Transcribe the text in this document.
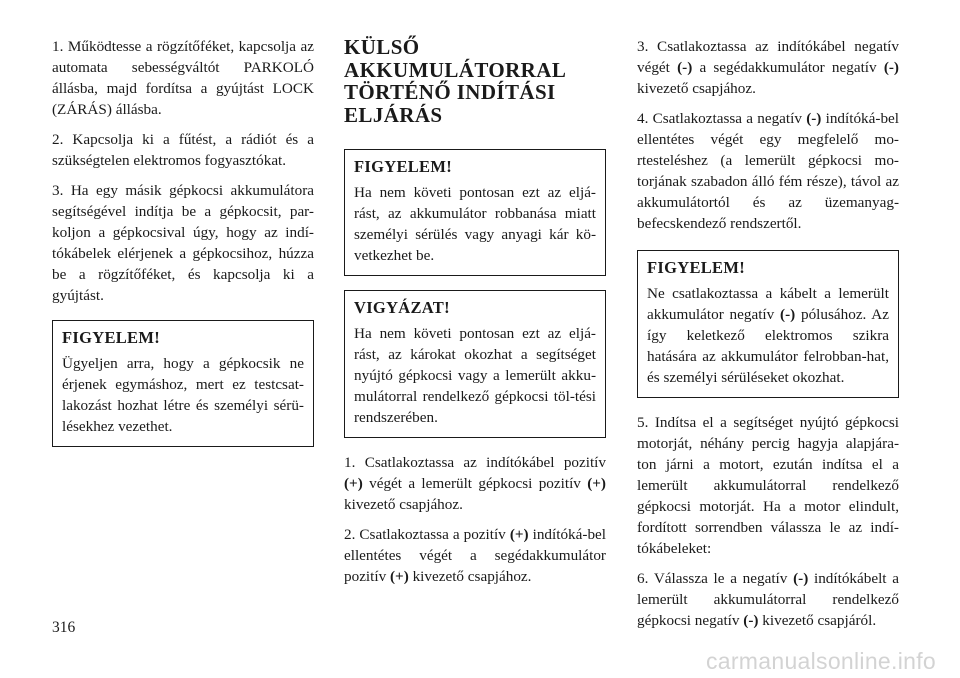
1. Működtesse a rögzítőféket, kapcsolja az automata sebességváltót PARKOLÓ állásba, majd fordítsa a gyújtást LOCK (ZÁRÁS) állásba.

2. Kapcsolja ki a fűtést, a rádiót és a szükségtelen elektromos fogyasztókat.

3. Ha egy másik gépkocsi akkumulátora segítségével indítja be a gépkocsit, par-koljon a gépkocsival úgy, hogy az indí-tókábelek elérjenek a gépkocsihoz, húzza be a rögzítőféket, és kapcsolja ki a gyújtást.

FIGYELEM!

Ügyeljen arra, hogy a gépkocsik ne érjenek egymáshoz, mert ez testcsat-lakozást hozhat létre és személyi sérü-lésekhez vezethet.

KÜLSŐ AKKUMULÁTORRAL TÖRTÉNŐ INDÍTÁSI ELJÁRÁS
FIGYELEM!

Ha nem követi pontosan ezt az eljá-rást, az akkumulátor robbanása miatt személyi sérülés vagy anyagi kár kö-vetkezhet be.

VIGYÁZAT!

Ha nem követi pontosan ezt az eljá-rást, az károkat okozhat a segítséget nyújtó gépkocsi vagy a lemerült akku-mulátorral rendelkező gépkocsi töl-tési rendszerében.

1. Csatlakoztassa az indítókábel pozitív (+) végét a lemerült gépkocsi pozitív (+) kivezető csapjához.

2. Csatlakoztassa a pozitív (+) indítóká-bel ellentétes végét a segédakkumulátor pozitív (+) kivezető csapjához.

3. Csatlakoztassa az indítókábel negatív végét (-) a segédakkumulátor negatív (-) kivezető csapjához.

4. Csatlakoztassa a negatív (-) indítóká-bel ellentétes végét egy megfelelő mo-rtesteléshez (a lemerült gépkocsi mo-torjának szabadon álló fém része), távol az akkumulátortól és az üzemanyag-befecskendező rendszertől.

FIGYELEM!

Ne csatlakoztassa a kábelt a lemerült akkumulátor negatív (-) pólusához. Az így keletkező elektromos szikra hatására az akkumulátor felrobban-hat, és személyi sérüléseket okozhat.

5. Indítsa el a segítséget nyújtó gépkocsi motorját, néhány percig hagyja alapjára-ton járni a motort, ezután indítsa el a lemerült akkumulátorral rendelkező gépkocsi motorját. Ha a motor elindult, fordított sorrendben válassza le az indí-tókábeleket:

6. Válassza le a negatív (-) indítókábelt a lemerült akkumulátorral rendelkező gépkocsi negatív (-) kivezető csapjáról.

316
carmanualsonline.info
